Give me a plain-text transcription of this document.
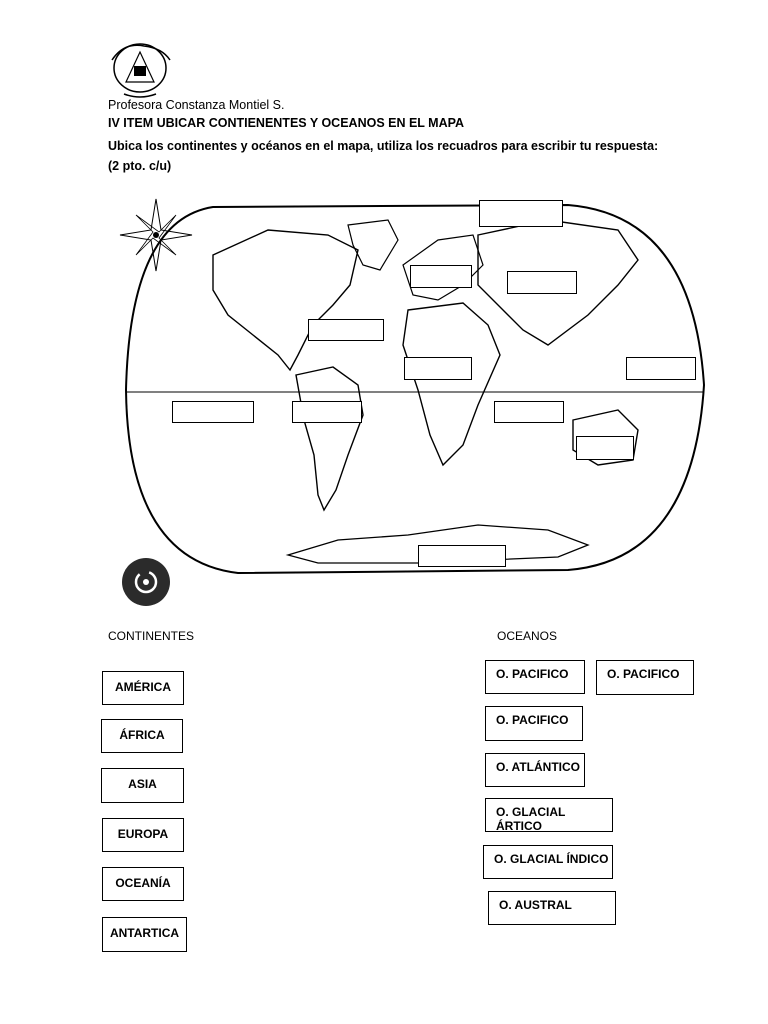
Profesora Constanza Montiel S.
IV ITEM UBICAR CONTIENENTES Y OCEANOS EN EL MAPA
Ubica los continentes y océanos en el mapa, utiliza los recuadros para escribir tu respuesta: (2 pto. c/u)
CONTINENTES	OCEANOS
AMÉRICA
ÁFRICA
ASIA
EUROPA
OCEANÍA
ANTARTICA
O. PACIFICO	O. PACIFICO
O. PACIFICO
O. ATLÁNTICO
O. GLACIAL ÁRTICO
O. GLACIAL ÍNDICO
O. AUSTRAL
